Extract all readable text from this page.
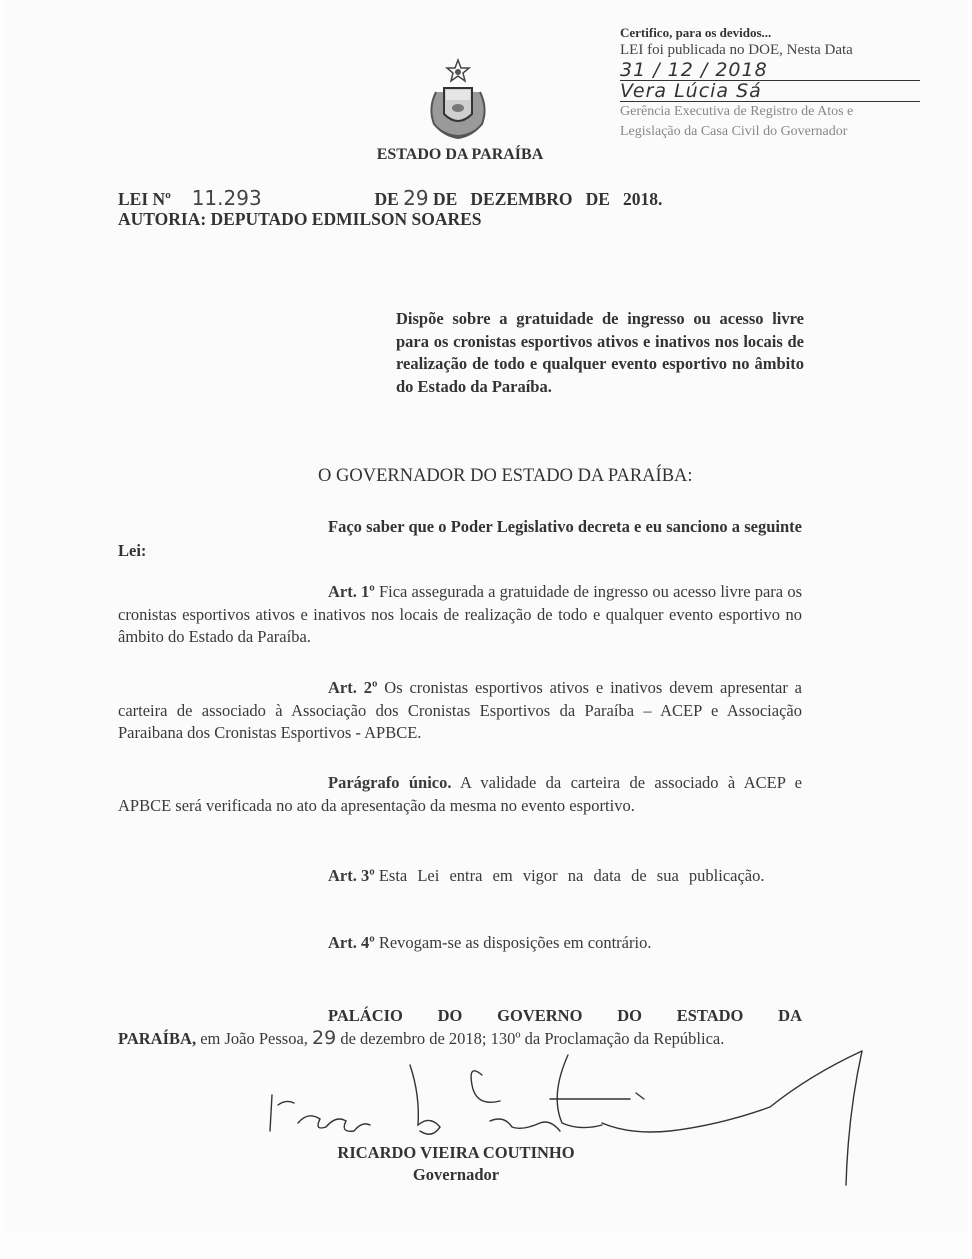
Certifico, para os devidos...
LEI foi publicada no DOE, Nesta Data
31 / 12 / 2018
Vera Lúcia Sá
Gerência Executiva de Registro de Atos e
Legislação da Casa Civil do Governador
ESTADO DA PARAÍBA
LEI Nº 11.293	DE 29 DE   DEZEMBRO   DE   2018.
AUTORIA: DEPUTADO EDMILSON SOARES
Dispõe sobre a gratuidade de ingresso ou acesso livre para os cronistas esportivos ativos e inativos nos locais de realização de todo e qualquer evento esportivo no âmbito do Estado da Paraíba.
O GOVERNADOR DO ESTADO DA PARAÍBA:
Faço saber que o Poder Legislativo decreta e eu sanciono a seguinte Lei:
Art. 1º Fica assegurada a gratuidade de ingresso ou acesso livre para os cronistas esportivos ativos e inativos nos locais de realização de todo e qualquer evento esportivo no âmbito do Estado da Paraíba.
Art. 2º Os cronistas esportivos ativos e inativos devem apresentar a carteira de associado à Associação dos Cronistas Esportivos da Paraíba – ACEP e Associação Paraibana dos Cronistas Esportivos - APBCE.
Parágrafo único. A validade da carteira de associado à ACEP e APBCE será verificada no ato da apresentação da mesma no evento esportivo.
Art. 3º Esta Lei entra em vigor na data de sua publicação.
Art. 4º Revogam-se as disposições em contrário.
PALÁCIO DO GOVERNO DO ESTADO DA PARAÍBA, em João Pessoa, 29 de dezembro de 2018; 130º da Proclamação da República.
RICARDO VIEIRA COUTINHO
Governador
